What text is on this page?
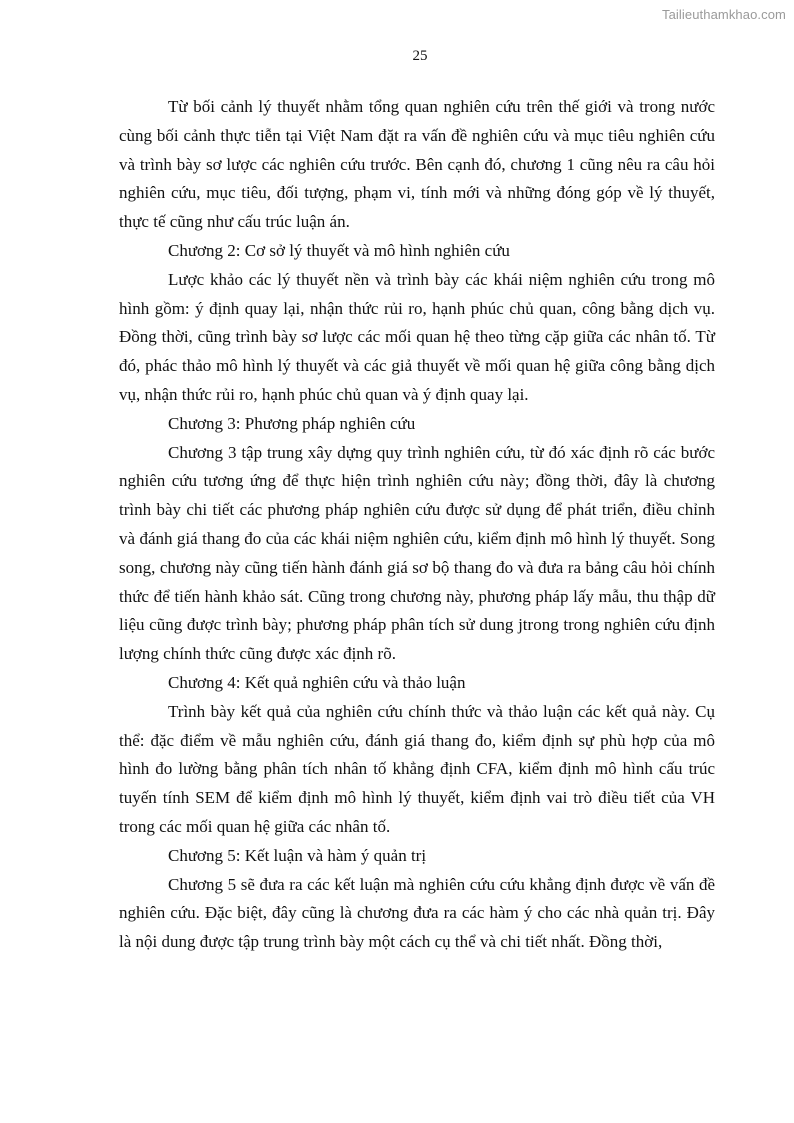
Tailieuthamkhao.com
25

Từ bối cảnh lý thuyết nhằm tổng quan nghiên cứu trên thế giới và trong nước cùng bối cảnh thực tiễn tại Việt Nam đặt ra vấn đề nghiên cứu và mục tiêu nghiên cứu và trình bày sơ lược các nghiên cứu trước. Bên cạnh đó, chương 1 cũng nêu ra câu hỏi nghiên cứu, mục tiêu, đối tượng, phạm vi, tính mới và những đóng góp về lý thuyết, thực tế cũng như cấu trúc luận án.

Chương 2: Cơ sở lý thuyết và mô hình nghiên cứu

Lược khảo các lý thuyết nền và trình bày các khái niệm nghiên cứu trong mô hình gồm: ý định quay lại, nhận thức rủi ro, hạnh phúc chủ quan, công bằng dịch vụ. Đồng thời, cũng trình bày sơ lược các mối quan hệ theo từng cặp giữa các nhân tố. Từ đó, phác thảo mô hình lý thuyết và các giả thuyết về mối quan hệ giữa công bằng dịch vụ, nhận thức rủi ro, hạnh phúc chủ quan và ý định quay lại.

Chương 3: Phương pháp nghiên cứu

Chương 3 tập trung xây dựng quy trình nghiên cứu, từ đó xác định rõ các bước nghiên cứu tương ứng để thực hiện trình nghiên cứu này; đồng thời, đây là chương trình bày chi tiết các phương pháp nghiên cứu được sử dụng để phát triển, điều chỉnh và đánh giá thang đo của các khái niệm nghiên cứu, kiểm định mô hình lý thuyết. Song song, chương này cũng tiến hành đánh giá sơ bộ thang đo và đưa ra bảng câu hỏi chính thức để tiến hành khảo sát. Cũng trong chương này, phương pháp lấy mẫu, thu thập dữ liệu cũng được trình bày; phương pháp phân tích sử dung jtrong trong nghiên cứu định lượng chính thức cũng được xác định rõ.

Chương 4: Kết quả nghiên cứu và thảo luận

Trình bày kết quả của nghiên cứu chính thức và thảo luận các kết quả này. Cụ thể: đặc điểm về mẫu nghiên cứu, đánh giá thang đo, kiểm định sự phù hợp của mô hình đo lường bằng phân tích nhân tố khẳng định CFA, kiểm định mô hình cấu trúc tuyến tính SEM để kiểm định mô hình lý thuyết, kiểm định vai trò điều tiết của VH trong các mối quan hệ giữa các nhân tố.

Chương 5: Kết luận và hàm ý quản trị

Chương 5 sẽ đưa ra các kết luận mà nghiên cứu cứu khẳng định được về vấn đề nghiên cứu. Đặc biệt, đây cũng là chương đưa ra các hàm ý cho các nhà quản trị. Đây là nội dung được tập trung trình bày một cách cụ thể và chi tiết nhất. Đồng thời,
